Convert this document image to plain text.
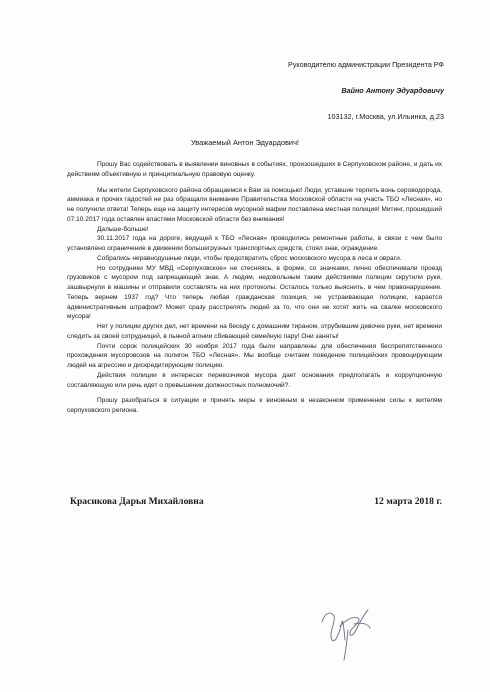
Руководителю администрации Президента РФ
Вайно Антону Эдуардовичу
103132, г.Москва, ул.Ильинка, д.23
Уважаемый Антон Эдуардович!

Прошу Вас содействовать в выявлении виновных в событиях, произошедших в Серпуховском районе, и дать их действиям объективную и принципиальную правовую оценку.

Мы жители Серпуховского района обращаемся к Вам за помощью! Люди, уставшие терпеть вонь сероводорода, аммиака и прочих гадостей не раз обращали внимание Правительства Московской области на участь ТБО «Лесная», но не получили ответа! Теперь еще на защиту интересов мусорной мафии поставлена местная полиция! Митинг, прошедший 07.10.2017 года оставлен властями Московской области без внимания!

Дальше-больше!

30.11.2017 года на дороге, ведущей к ТБО «Лесная» проводились ремонтные работы, в связи с чем было установлено ограничение в движении большегрузных транспортных средств, стоял знак, ограждение.

Собрались неравнодушные люди, чтобы предотвратить сброс московского мусора в леса и овраги.

Но сотрудники МУ МВД «Серпуховское» не стесняясь, в форме, со значками, лично обеспечивали проезд грузовиков с мусором под запрещающий знак. А людям, недовольным таким действиями полиции скрутили руки, зашвырнули в машины и отправили составлять на них протоколы. Осталось только выяснить, в чем правонарушение. Теперь вернем 1937 год? Что теперь любая гражданская позиция, не устраивающая полицию, карается административным штрафом? Может сразу расстрелять людей за то, что они не хотят жить на свалке московского мусора!

Нет у полиции других дел, нет времени на беседу с домашним тираном, отрубившим девочке руки, нет времени следить за своей сотрудницей, в пьяной агонии сбивающей семейную пару! Они заняты!

Почти сорок полицейских 30 ноября 2017 года были направлены для обеспечения беспрепятственного прохождения мусоровозов на полигон ТБО «Лесная». Мы вообще считаем поведение полицейских провоцирующим людей на агрессию и дискредитирующим полицию.

Действия полиции в интересах перевозчиков мусора дает основания предполагать и коррупционную составляющую или речь идет о превышении должностных полномочий?.

Прошу разобраться в ситуации и принять меры к виновным в незаконном применении силы к жителям серпуховского региона.

Красикова Дарья Михайловна	12 марта 2018 г.
